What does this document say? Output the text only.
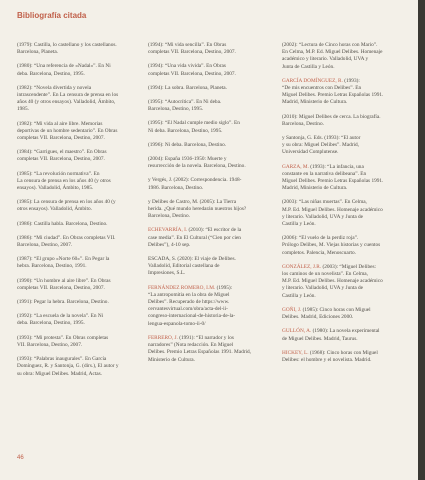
Bibliografía citada
(1979): Castilla, lo castellano y los castellanos.
Barcelona, Planeta.
(1980): “Una referencia de «Nadal»”. En Ni
deba. Barcelona, Destino, 1995.
(1982): “Novela divertida y novela
intrascendente”. En La censura de prensa en los
años 40 (y otros ensayos). Valladolid, Ámbito,
1985.
(1982): “Mi vida al aire libre. Memorias
deportivas de un hombre sedentario”. En Obras
completas VII. Barcelona, Destino, 2007.
(1984): “Garrigues, el maestro”. En Obras
completas VII. Barcelona, Destino, 2007.
(1985): “La revolución normativa”. En
La censura de prensa en los años 40 (y otros
ensayos). Valladolid, Ámbito, 1985.
(1985): La censura de prensa en los años 40 (y
otros ensayos). Valladolid, Ámbito.
(1986): Castilla habla. Barcelona, Destino.
(1986): “Mi ciudad”. En Obras completas VII.
Barcelona, Destino, 2007.
(1987): “El grupo «Norte 60»”. En Pegar la
hebra. Barcelona, Destino, 1991.
(1990): “Un hombre al aire libre”. En Obras
completas VII. Barcelona, Destino, 2007.
(1991): Pegar la hebra. Barcelona, Destino.
(1992): “La escuela de la novela”. En Ni
deba. Barcelona, Destino, 1995.
(1993): “Mi protesta”. En Obras completas
VII. Barcelona, Destino, 2007.
(1993): “Palabras inaugurales”. En García
Domínguez, R. y Santonja, G. (dirs.), El autor y
su obra: Miguel Delibes. Madrid, Actas.
(1994): “Mi vida sencilla”. En Obras
completas VII. Barcelona, Destino, 2007.
(1994): “Una vida vivida”. En Obras
completas VII. Barcelona, Destino, 2007.
(1994): La sobra. Barcelona, Planeta.
(1995): “Autocrítica”. En Ni deba.
Barcelona, Destino, 1995.
(1995): “El Nadal cumple medio siglo”. En
Ni deba. Barcelona, Destino, 1995.
(1996): Ni deba. Barcelona, Destino.
(2004): España 1936-1950: Muerte y
resurrección de la novela. Barcelona, Destino.
y Vergés, J. (2002): Correspondencia. 1948-
1986. Barcelona, Destino.
y Delibes de Castro, M. (2005): La Tierra
herida. ¿Qué mundo heredarán nuestros hijos?
Barcelona, Destino.
ECHEVARRÍA, I. (2010): “El escritor de la
case media”. En El Cultural (“Cien por cien
Delibes”), 4-10 sep.
ESCADA, S. (2020): El viaje de Delibes.
Valladolid, Editorial castellana de
Impresiones, S.L.
FERNÁNDEZ ROMERO, I.M. (1995):
“La antropomitia en la obra de Miguel
Delibes”. Recuperado de https://www.
cervantesvirtual.com/obra/acta-del-ii-
congreso-internacional-de-historia-de-la-
lengua-espanola-tomo-ii-0/
FERRERO, J. (1991): “El narrador y los
narradores” (Nota redacción. En Miguel
Delibes. Premio Letras Españolas 1991. Madrid,
Ministerio de Cultura.
(2002): “Lectura de Cinco horas con Mario”.
En Celma, M.P. Ed. Miguel Delibes. Homenaje
académico y literario. Valladolid, UVA y
Junta de Castilla y León.
GARCÍA DOMÍNGUEZ, R. (1993):
“De mis encuentros con Delibes”. En
Miguel Delibes. Premio Letras Españolas 1991.
Madrid, Ministerio de Cultura.
(2010): Miguel Delibes de cerca. La biografía.
Barcelona, Destino.
y Santonja, G. Eds. (1993): “El autor
y su obra: Miguel Delibes”. Madrid,
Universidad Complutense.
GARZA, M. (1993): “La infancia, una
constante en la narrativa delibeana”. En
Miguel Delibes. Premio Letras Españolas 1991.
Madrid, Ministerio de Cultura.
(2003): “Las niñas muertas”. En Celma,
M.P. Ed. Miguel Delibes. Homenaje académico
y literario. Valladolid, UVA y Junta de
Castilla y León.
(2006): “El vuelo de la perdiz roja”.
Prólogo Delibes, M. Viejas historias y cuentos
completos. Palencia, Menoscuarto.
GONZÁLEZ, J.R. (2003): “Miguel Delibes:
los caminos de un novelista”. En Celma,
M.P. Ed. Miguel Delibes. Homenaje académico
y literario. Valladolid, UVA y Junta de
Castilla y León.
GOÑI, J. (1985): Cinco horas con Miguel
Delibes. Madrid, Ediciones 2000.
GULLÓN, A. (1980): La novela experimental
de Miguel Delibes. Madrid, Taurus.
HICKEY, L. (1968): Cinco horas con Miguel
Delibes: el hombre y el novelista. Madrid.
46
